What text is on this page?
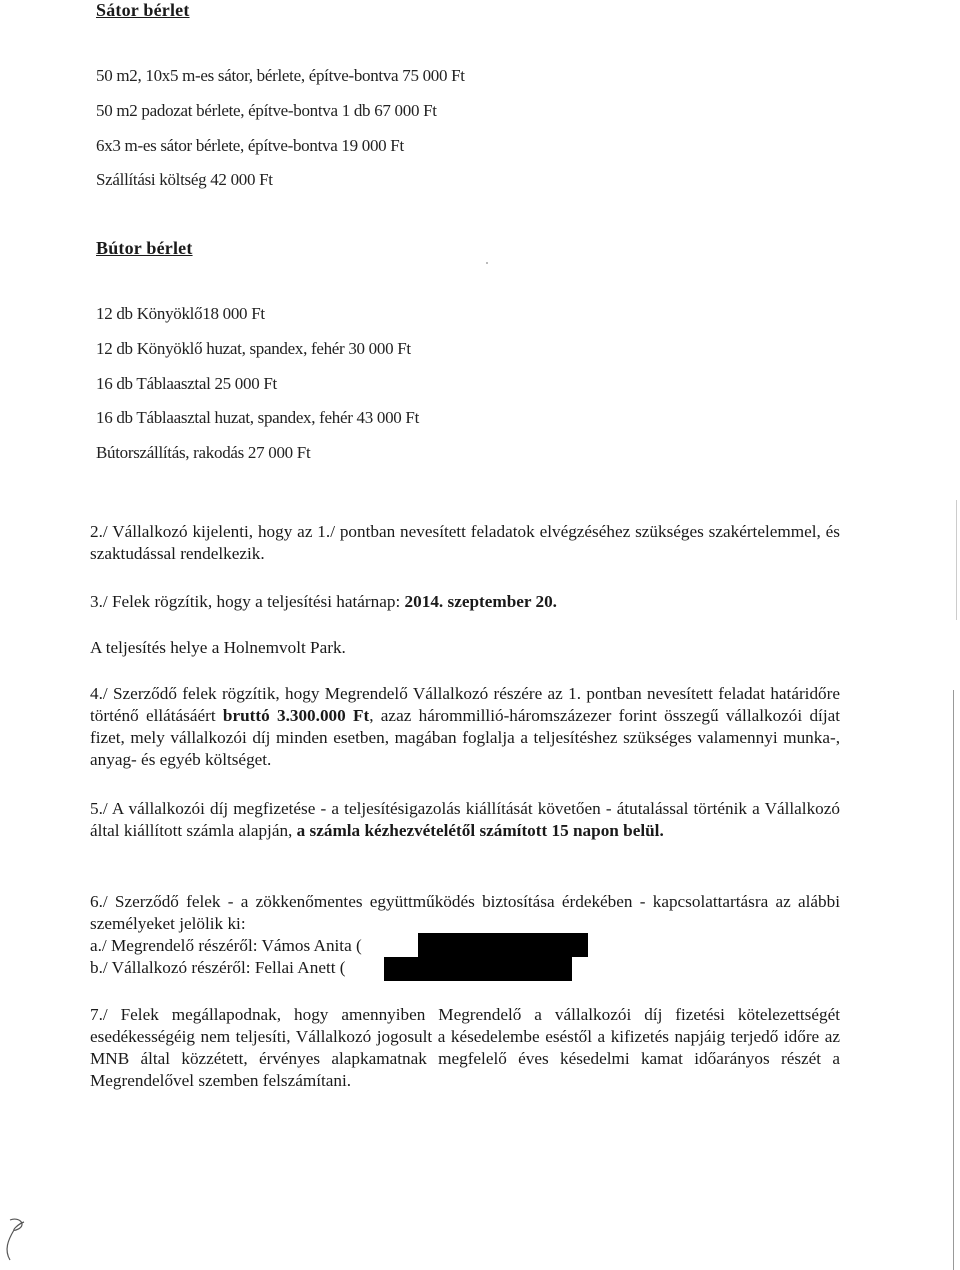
Sátor bérlet
50 m2, 10x5 m-es sátor, bérlete, építve-bontva 75 000 Ft
50 m2 padozat bérlete, építve-bontva 1 db 67 000 Ft
6x3 m-es sátor bérlete, építve-bontva 19 000 Ft
Szállítási költség 42 000 Ft
Bútor bérlet
12 db Könyöklő18 000 Ft
12 db Könyöklő huzat, spandex, fehér 30 000 Ft
16 db Táblaasztal 25 000 Ft
16 db Táblaasztal huzat, spandex, fehér 43 000 Ft
Bútorszállítás, rakodás 27 000 Ft
2./ Vállalkozó kijelenti, hogy az 1./ pontban nevesített feladatok elvégzéséhez szükséges szakértelemmel, és szaktudással rendelkezik.
3./ Felek rögzítik, hogy a teljesítési határnap: 2014. szeptember 20.
A teljesítés helye a Holnemvolt Park.
4./ Szerződő felek rögzítik, hogy Megrendelő Vállalkozó részére az 1. pontban nevesített feladat határidőre történő ellátásáért bruttó 3.300.000 Ft, azaz hárommillió-háromszázezer forint összegű vállalkozói díjat fizet, mely vállalkozói díj minden esetben, magában foglalja a teljesítéshez szükséges valamennyi munka-, anyag- és egyéb költséget.
5./ A vállalkozói díj megfizetése - a teljesítésigazolás kiállítását követően - átutalással történik a Vállalkozó által kiállított számla alapján, a számla kézhezvételétől számított 15 napon belül.
6./ Szerződő felek - a zökkenőmentes együttműködés biztosítása érdekében - kapcsolattartásra az alábbi személyeket jelölik ki:
a./ Megrendelő részéről: Vámos Anita (
b./ Vállalkozó részéről: Fellai Anett (
7./ Felek megállapodnak, hogy amennyiben Megrendelő a vállalkozói díj fizetési kötelezettségét esedékességéig nem teljesíti, Vállalkozó jogosult a késedelembe eséstől a kifizetés napjáig terjedő időre az MNB által közzétett, érvényes alapkamatnak megfelelő éves késedelmi kamat időarányos részét a Megrendelővel szemben felszámítani.
